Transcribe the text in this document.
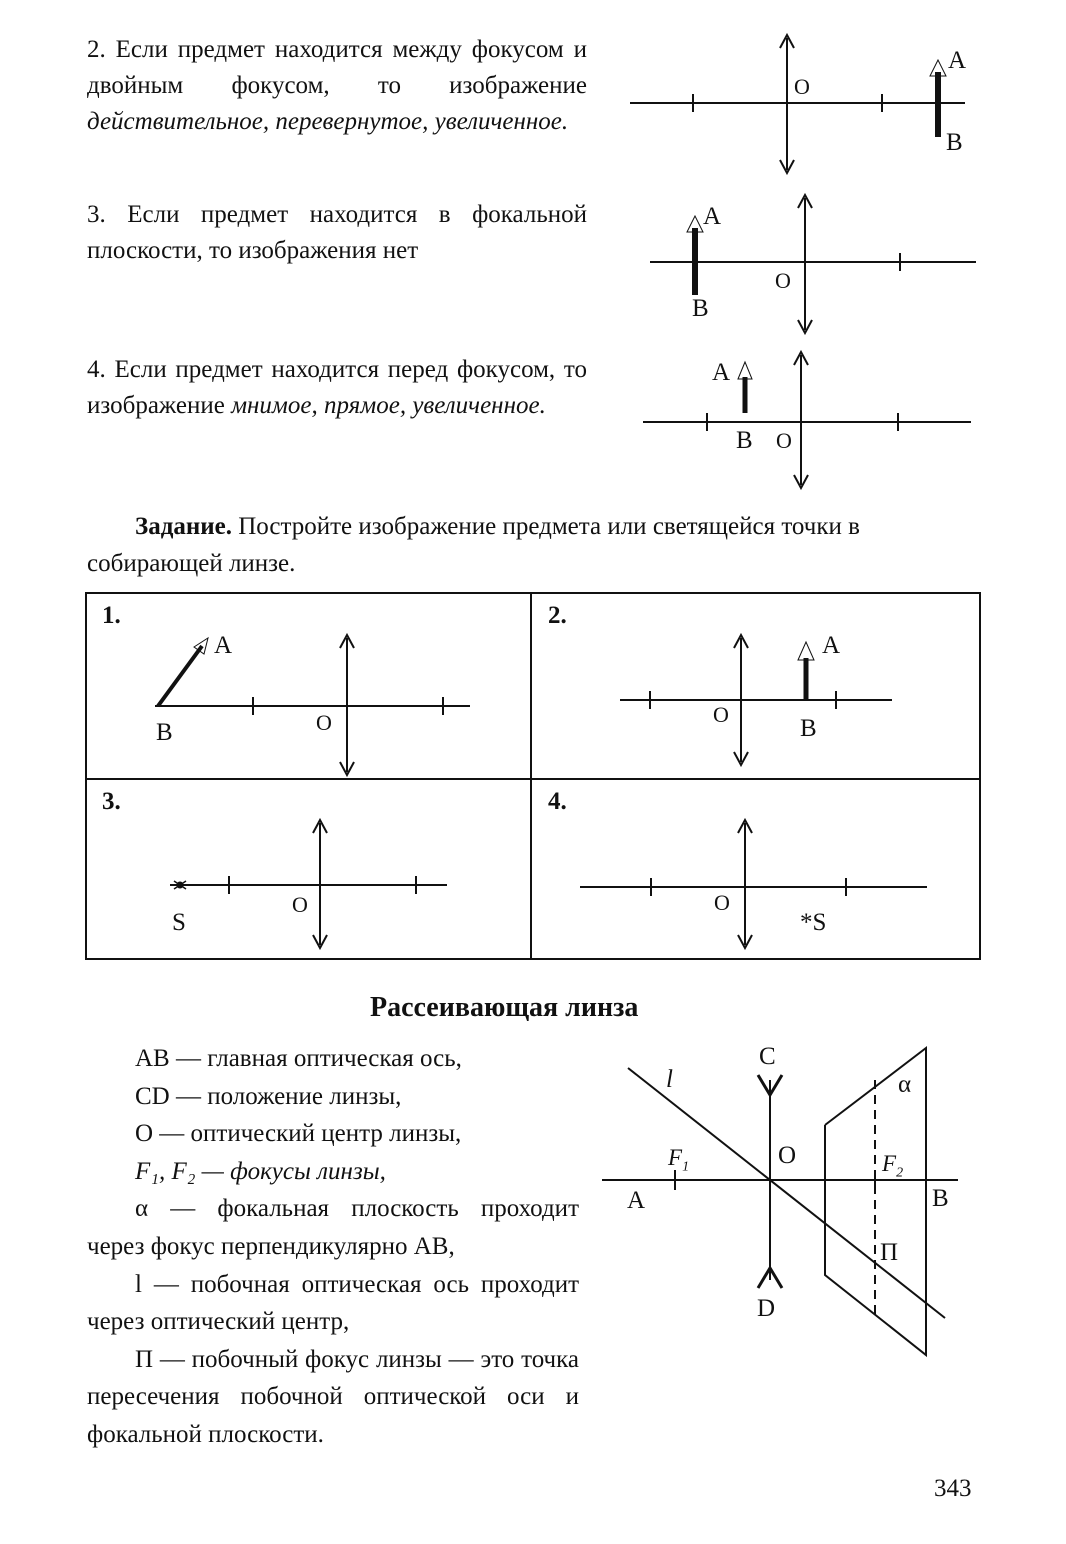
2. Если предмет находится между фокусом и двойным фокусом, то изображение действительное, перевернутое, увеличенное.
A
B
O
3. Если предмет находится в фокальной плоскости, то изображения нет
A
B
O
4. Если предмет находится перед фокусом, то изображение мнимое, прямое, увеличенное.
A
B O
Задание. Постройте изображение предмета или светящейся точки в собирающей линзе.
1.
A
B	O
2.
A
B
O
3.
S
O
4.
*S
O
Рассеивающая линза
AB — главная оптическая ось,
CD — положение линзы,
O — оптический центр линзы,
F₁, F₂ — фокусы линзы,
α — фокальная плоскость проходит через фокус перпендикулярно AB,
l — побочная оптическая ось проходит через оптический центр,
П — побочный фокус линзы — это точка пересечения побочной оптической оси и фокальной плоскости.
C
D
O
A	B
l	α
П
$F_1$	$F_2$
343
